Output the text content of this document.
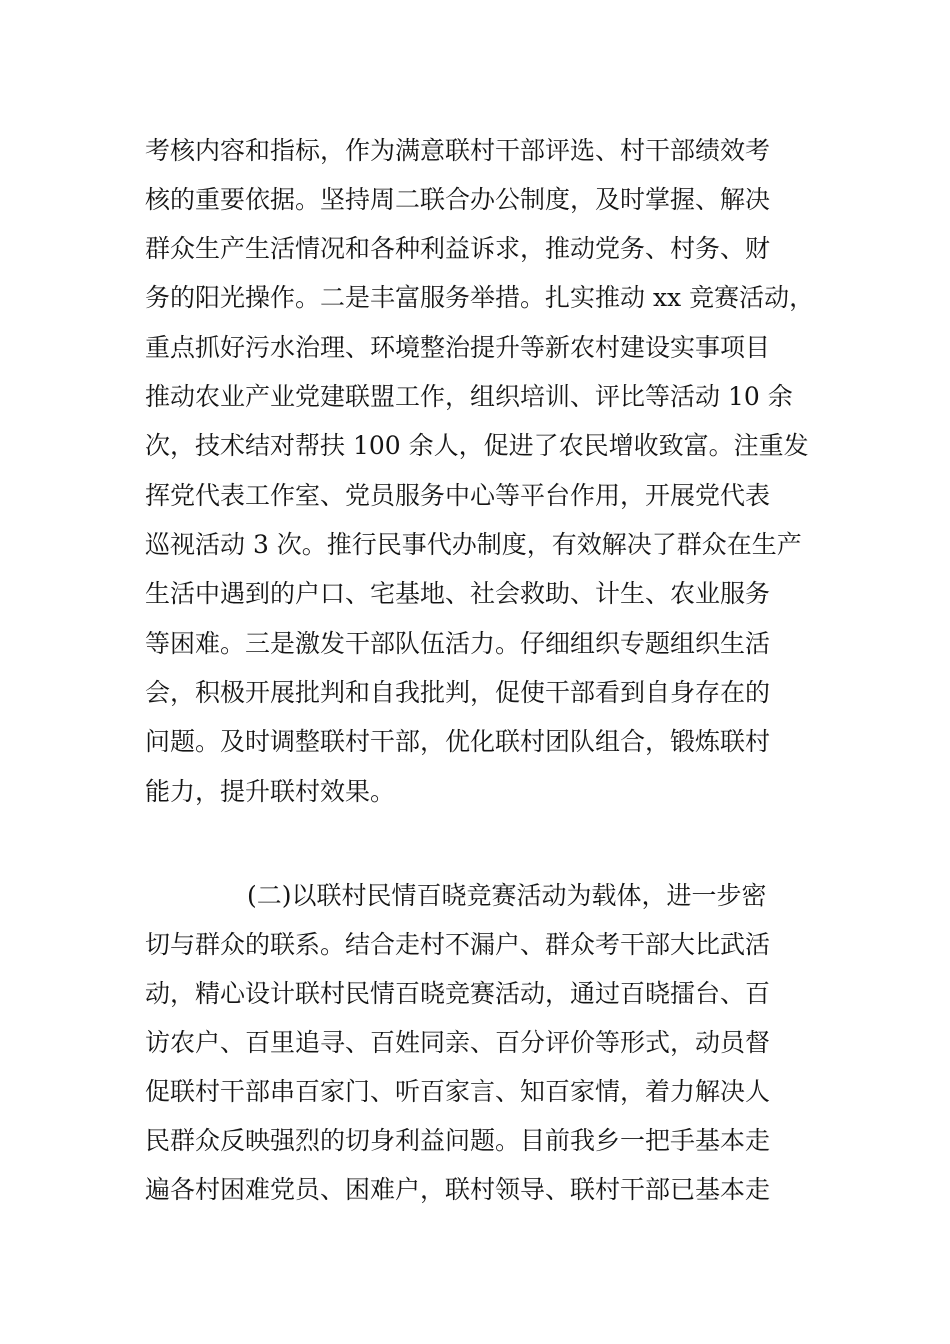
考核内容和指标，作为满意联村干部评选、村干部绩效考
核的重要依据。坚持周二联合办公制度，及时掌握、解决
群众生产生活情况和各种利益诉求，推动党务、村务、财
务的阳光操作。二是丰富服务举措。扎实推动 xx 竞赛活动，
重点抓好污水治理、环境整治提升等新农村建设实事项目
推动农业产业党建联盟工作，组织培训、评比等活动 10 余
次，技术结对帮扶 100 余人，促进了农民增收致富。注重发
挥党代表工作室、党员服务中心等平台作用，开展党代表
巡视活动 3 次。推行民事代办制度，有效解决了群众在生产
生活中遇到的户口、宅基地、社会救助、计生、农业服务
等困难。三是激发干部队伍活力。仔细组织专题组织生活
会，积极开展批判和自我批判，促使干部看到自身存在的
问题。及时调整联村干部，优化联村团队组合，锻炼联村
能力，提升联村效果。
(二)以联村民情百晓竞赛活动为载体，进一步密
切与群众的联系。结合走村不漏户、群众考干部大比武活
动，精心设计联村民情百晓竞赛活动，通过百晓擂台、百
访农户、百里追寻、百姓同亲、百分评价等形式，动员督
促联村干部串百家门、听百家言、知百家情，着力解决人
民群众反映强烈的切身利益问题。目前我乡一把手基本走
遍各村困难党员、困难户，联村领导、联村干部已基本走
